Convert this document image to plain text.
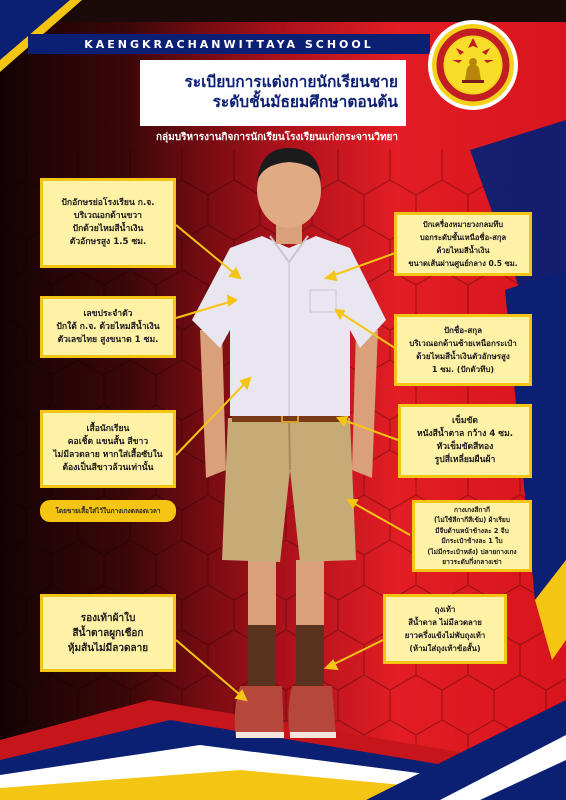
KAENGKRACHANWITTAYA SCHOOL
ระเบียบการแต่งกายนักเรียนชาย
ระดับชั้นมัธยมศึกษาตอนต้น
กลุ่มบริหารงานกิจการนักเรียนโรงเรียนแก่งกระจานวิทยา
ปักอักษรย่อโรงเรียน ก.จ.
บริเวณอกด้านขวา
ปักด้วยไหมสีน้ำเงิน
ตัวอักษรสูง 1.5 ซม.
เลขประจำตัว
ปักใต้ ก.จ. ด้วยไหมสีน้ำเงิน
ตัวเลขไทย สูงขนาด 1 ซม.
เสื้อนักเรียน
คอเชิ้ต แขนสั้น สีขาว
ไม่มีลวดลาย หากใส่เสื้อซับใน
ต้องเป็นสีขาวล้วนเท่านั้น
โดยขายเสื้อใส่ไว้ในกางเกงตลอดเวลา
รองเท้าผ้าใบ
สีน้ำตาลผูกเชือก
หุ้มส้นไม่มีลวดลาย
ปักเครื่องหมายวงกลมทึบ
บอกระดับชั้นเหนือชื่อ-สกุล
ด้วยไหมสีน้ำเงิน
ขนาดเส้นผ่านศูนย์กลาง 0.5 ซม.
ปักชื่อ-สกุล
บริเวณอกด้านซ้ายเหนือกระเป๋า
ด้วยไหมสีน้ำเงินตัวอักษรสูง
1 ซม. (ปักตัวทึบ)
เข็มขัด
หนังสีน้ำตาล กว้าง 4 ซม.
หัวเข็มขัดสีทอง
รูปสี่เหลี่ยมผืนผ้า
กางเกงสีกากี
(ไม่ใช้สีกากีสีเข้ม) ผ้าเรียบ
มีจีบด้านหน้าข้างละ 2 จีบ
มีกระเป๋าข้างละ 1 ใบ
(ไม่มีกระเป๋าหลัง) ปลายกางเกง
ยาวระดับกึ่งกลางเข่า
ถุงเท้า
สีน้ำตาล ไม่มีลวดลาย
ยาวครึ่งแข้งไม่พับถุงเท้า
(ห้ามใส่ถุงเท้าข้อสั้น)
